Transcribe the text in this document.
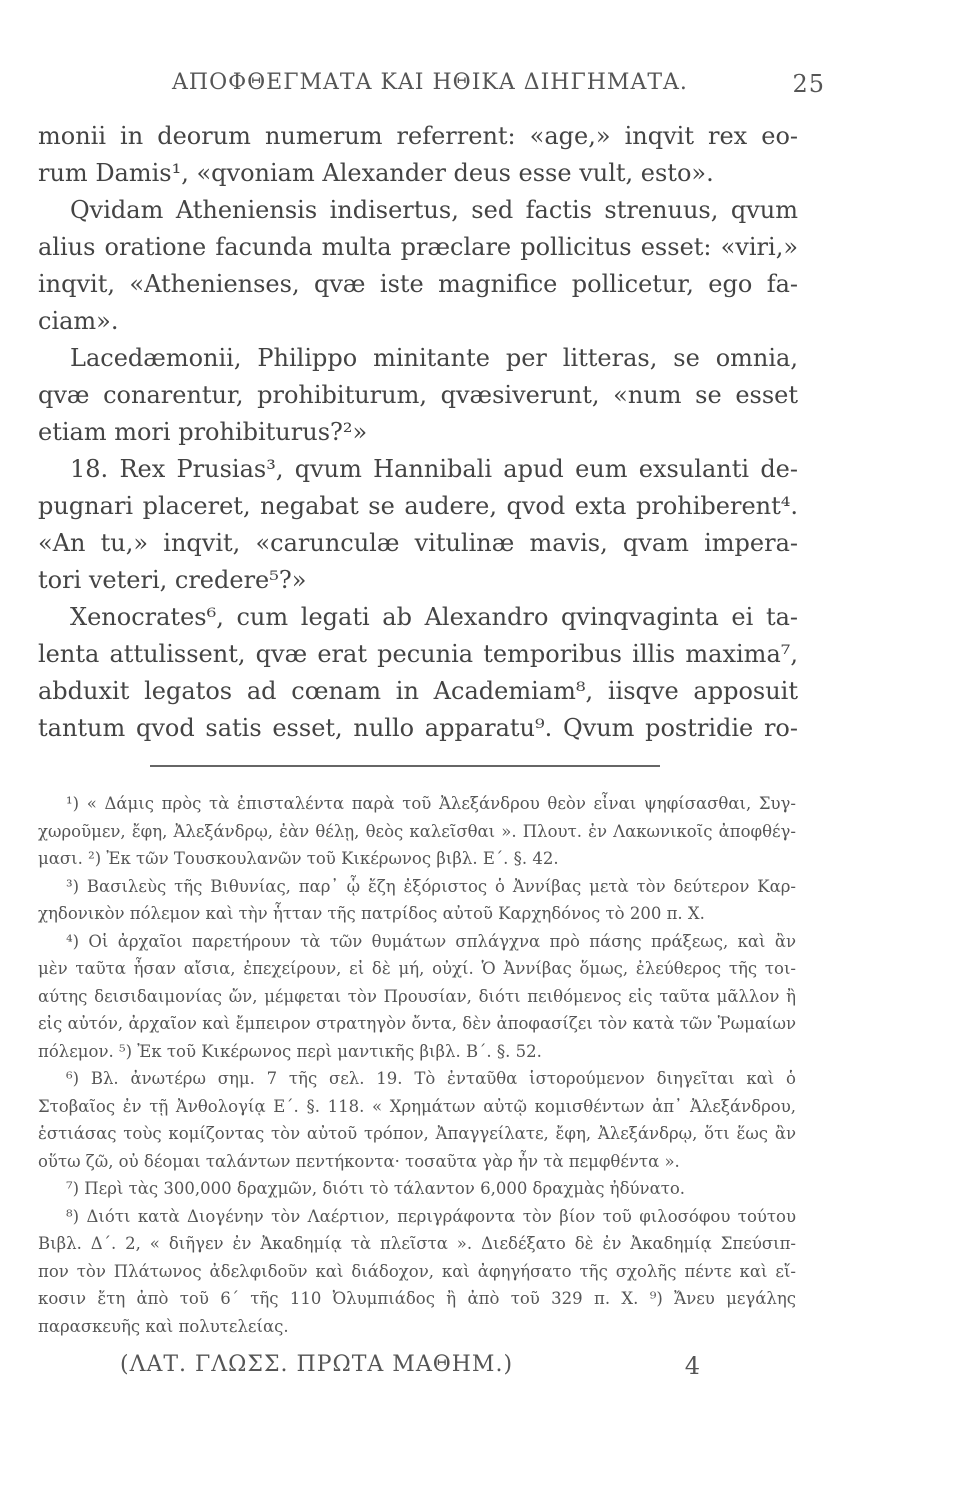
ΑΠΟΦΘΕΓΜΑΤΑ ΚΑΙ ΗΘΙΚΑ ΔΙΗΓΗΜΑΤΑ.	25
monii in deorum numerum referrent: «age,» inqvit rex eo-
rum Damis¹, «qvoniam Alexander deus esse vult, esto».
Qvidam Atheniensis indisertus, sed factis strenuus, qvum
alius oratione facunda multa præclare pollicitus esset: «viri,»
inqvit, «Athenienses, qvæ iste magnifice pollicetur, ego fa-
ciam».
Lacedæmonii, Philippo minitante per litteras, se omnia,
qvæ conarentur, prohibiturum, qvæsiverunt, «num se esset
etiam mori prohibiturus?²»
18. Rex Prusias³, qvum Hannibali apud eum exsulanti de-
pugnari placeret, negabat se audere, qvod exta prohiberent⁴.
«An tu,» inqvit, «carunculæ vitulinæ mavis, qvam impera-
tori veteri, credere⁵?»
Xenocrates⁶, cum legati ab Alexandro qvinqvaginta ei ta-
lenta attulissent, qvæ erat pecunia temporibus illis maxima⁷,
abduxit legatos ad cœnam in Academiam⁸, iisqve apposuit
tantum qvod satis esset, nullo apparatu⁹. Qvum postridie ro-
¹) « Δάμις πρὸς τὰ ἐπισταλέντα παρὰ τοῦ Ἀλεξάνδρου θεὸν εἶναι ψηφίσασθαι, Συγ-
χωροῦμεν, ἔφη, Ἀλεξάνδρῳ, ἐὰν θέλῃ, θεὸς καλεῖσθαι ». Πλουτ. ἐν Λακωνικοῖς ἀποφθέγ-
μασι. ²) Ἐκ τῶν Τουσκουλανῶν τοῦ Κικέρωνος βιβλ. Ε΄. §. 42.
³) Βασιλεὺς τῆς Βιθυνίας, παρ᾽ ᾧ ἔζη ἐξόριστος ὁ Ἀννίβας μετὰ τὸν δεύτερον Καρ-
χηδονικὸν πόλεμον καὶ τὴν ἧτταν τῆς πατρίδος αὐτοῦ Καρχηδόνος τὸ 200 π. Χ.
⁴) Οἱ ἀρχαῖοι παρετήρουν τὰ τῶν θυμάτων σπλάγχνα πρὸ πάσης πράξεως, καὶ ἂν
μὲν ταῦτα ἦσαν αἴσια, ἐπεχείρουν, εἰ δὲ μή, οὐχί. Ὁ Ἀννίβας ὅμως, ἐλεύθερος τῆς τοι-
αύτης δεισιδαιμονίας ὤν, μέμφεται τὸν Προυσίαν, διότι πειθόμενος εἰς ταῦτα μᾶλλον ἢ
εἰς αὐτόν, ἀρχαῖον καὶ ἔμπειρον στρατηγὸν ὄντα, δὲν ἀποφασίζει τὸν κατὰ τῶν Ῥωμαίων
πόλεμον. ⁵) Ἐκ τοῦ Κικέρωνος περὶ μαντικῆς βιβλ. Β΄. §. 52.
⁶) Βλ. ἀνωτέρω σημ. 7 τῆς σελ. 19. Τὸ ἐνταῦθα ἱστορούμενον διηγεῖται καὶ ὁ
Στοβαῖος ἐν τῇ Ἀνθολογίᾳ Ε΄. §. 118. « Χρημάτων αὐτῷ κομισθέντων ἀπ᾽ Ἀλεξάνδρου,
ἑστιάσας τοὺς κομίζοντας τὸν αὐτοῦ τρόπον, Ἀπαγγείλατε, ἔφη, Ἀλεξάνδρῳ, ὅτι ἕως ἂν
οὕτω ζῶ, οὐ δέομαι ταλάντων πεντήκοντα· τοσαῦτα γὰρ ἦν τὰ πεμφθέντα ».
⁷) Περὶ τὰς 300,000 δραχμῶν, διότι τὸ τάλαντον 6,000 δραχμὰς ἠδύνατο.
⁸) Διότι κατὰ Διογένην τὸν Λαέρτιον, περιγράφοντα τὸν βίον τοῦ φιλοσόφου τούτου
Βιβλ. Δ΄. 2, « διῆγεν ἐν Ἀκαδημίᾳ τὰ πλεῖστα ». Διεδέξατο δὲ ἐν Ἀκαδημίᾳ Σπεύσιπ-
πον τὸν Πλάτωνος ἀδελφιδοῦν καὶ διάδοχον, καὶ ἀφηγήσατο τῆς σχολῆς πέντε καὶ εἴ-
κοσιν ἔτη ἀπὸ τοῦ 6΄ τῆς 110 Ὀλυμπιάδος ἢ ἀπὸ τοῦ 329 π. Χ. ⁹) Ἄνευ μεγάλης
παρασκευῆς καὶ πολυτελείας.
(ΛΑΤ. ΓΛΩΣΣ. ΠΡΩΤΑ ΜΑΘΗΜ.)	4
